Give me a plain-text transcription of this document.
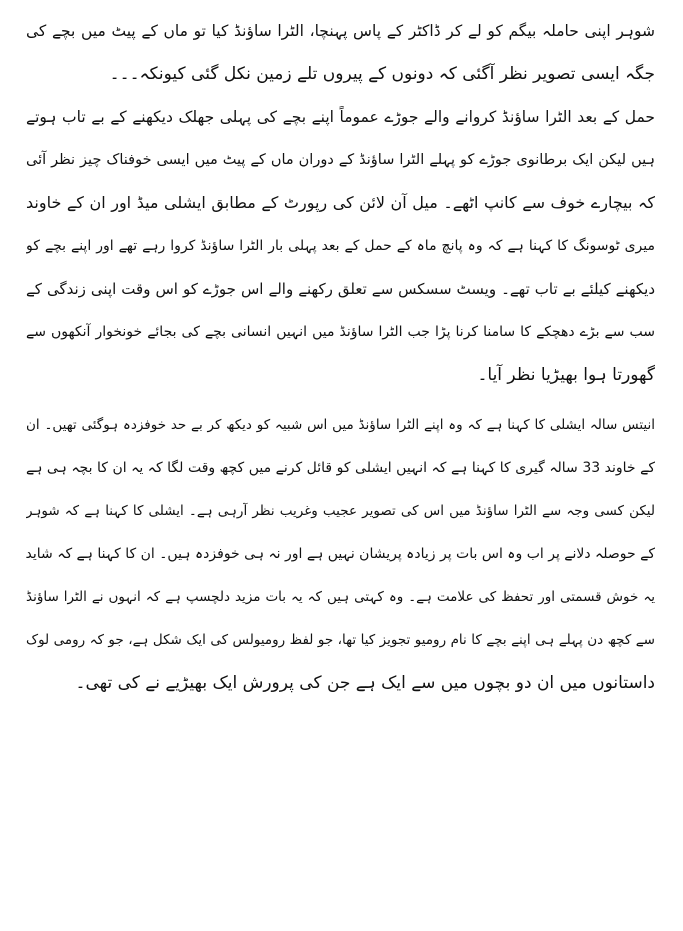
شوہر اپنی حاملہ بیگم کو لے کر ڈاکٹر کے پاس پہنچا، الٹرا ساؤنڈ کیا تو ماں کے پیٹ میں بچے کی
جگہ ایسی تصویر نظر آگئی کہ دونوں کے پیروں تلے زمین نکل گئی کیونکہ۔۔۔
حمل کے بعد الٹرا ساؤنڈ کروانے والے جوڑے عموماً اپنے بچے کی پہلی جھلک دیکھنے کے بے تاب ہوتے
ہیں لیکن ایک برطانوی جوڑے کو پہلے الٹرا ساؤنڈ کے دوران ماں کے پیٹ میں ایسی خوفناک چیز نظر آئی
کہ بیچارے خوف سے کانپ اٹھے۔ میل آن لائن کی رپورٹ کے مطابق ایشلی میڈ اور ان کے خاوند
میری ٹوسونگ کا کہنا ہے کہ وہ پانچ ماہ کے حمل کے بعد پہلی بار الٹرا ساؤنڈ کروا رہے تھے اور اپنے بچے کو
دیکھنے کیلئے بے تاب تھے۔ ویسٹ سسکس سے تعلق رکھنے والے اس جوڑے کو اس وقت اپنی زندگی کے
سب سے بڑے دھچکے کا سامنا کرنا پڑا جب الٹرا ساؤنڈ میں انہیں انسانی بچے کی بجائے خونخوار آنکھوں سے
گھورتا ہوا بھیڑیا نظر آیا۔
انیتس سالہ ایشلی کا کہنا ہے کہ وہ اپنے الٹرا ساؤنڈ میں اس شبیہ کو دیکھ کر بے حد خوفزدہ ہوگئی تھیں۔ ان
کے خاوند 33 سالہ گیری کا کہنا ہے کہ انہیں ایشلی کو قائل کرنے میں کچھ وقت لگا کہ یہ ان کا بچہ ہی ہے
لیکن کسی وجہ سے الٹرا ساؤنڈ میں اس کی تصویر عجیب وغریب نظر آرہی ہے۔ ایشلی کا کہنا ہے کہ شوہر
کے حوصلہ دلانے پر اب وہ اس بات پر زیادہ پریشان نہیں ہے اور نہ ہی خوفزدہ ہیں۔ ان کا کہنا ہے کہ شاید
یہ خوش قسمتی اور تحفظ کی علامت ہے۔ وہ کہتی ہیں کہ یہ بات مزید دلچسپ ہے کہ انہوں نے الٹرا ساؤنڈ
سے کچھ دن پہلے ہی اپنے بچے کا نام رومیو تجویز کیا تھا، جو لفظ رومیولس کی ایک شکل ہے، جو کہ رومی لوک
داستانوں میں ان دو بچوں میں سے ایک ہے جن کی پرورش ایک بھیڑیے نے کی تھی۔
